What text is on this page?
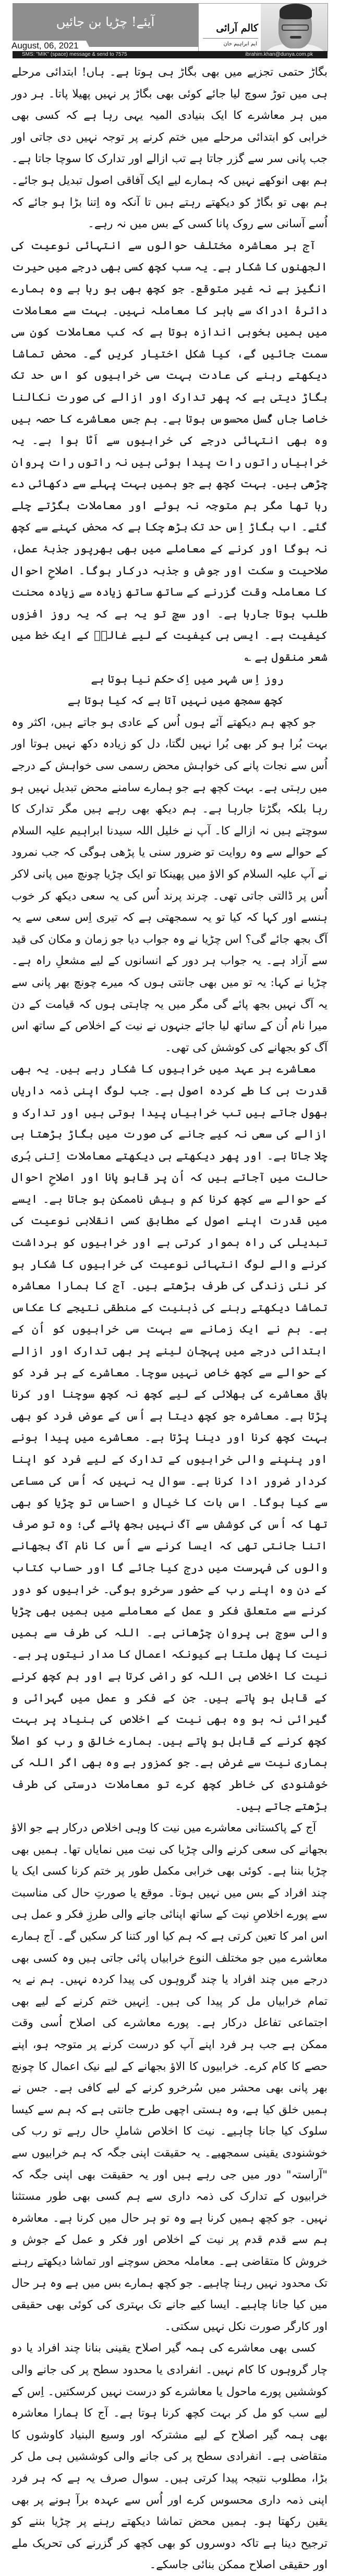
آیئے! چڑیا بن جائیں	کالم آرائی
ایم ابراہیم خان
August, 06, 2021
SMS: "MIK" (space) message & send to 7575	ibrahim.khan@dunya.com.pk

بگاڑ حتمی تجزیے میں بھی بگاڑ ہی ہوتا ہے۔ ہاں! ابتدائی مرحلے ہی میں توڑ سوچ لیا جائے کوئی بھی بگاڑ پر نہیں پھیلا پاتا۔ ہر دور میں ہر معاشرے کا ایک بنیادی المیہ یہی رہا ہے کہ کسی بھی خرابی کو ابتدائی مرحلے میں ختم کرنے پر توجہ نہیں دی جاتی اور جب پانی سر سے گزر جاتا ہے تب ازالے اور تدارک کا سوچا جاتا ہے۔ ہم بھی انوکھے نہیں کہ ہمارے لیے ایک آفاقی اصول تبدیل ہو جائے۔ ہم بھی تو بگاڑ کو دیکھتے رہتے ہیں تا آنکہ وہ اِتنا بڑا ہو جائے کہ اُسے آسانی سے روک پانا کسی کے بس میں نہ رہے۔

آج ہر معاشرہ مختلف حوالوں سے انتہائی نوعیت کی الجھنوں کا شکار ہے۔ یہ سب کچھ کسی بھی درجے میں حیرت انگیز ہے نہ غیر متوقع۔ جو کچھ بھی ہو رہا ہے وہ ہمارے دائرۂ ادراک سے باہر کا معاملہ نہیں۔ بہت سے معاملات میں ہمیں بخوبی اندازہ ہوتا ہے کہ کب معاملات کون سی سمت جائیں گے، کیا شکل اختیار کریں گے۔ محض تماشا دیکھتے رہنے کی عادت بہت سی خرابیوں کو اس حد تک بگاڑ دیتی ہے کہ پھر تدارک اور ازالے کی صورت نکالنا خاصا جاں گُسل محسوس ہوتا ہے۔ ہم جس معاشرے کا حصہ ہیں وہ بھی انتہائی درجے کی خرابیوں سے اَٹا ہوا ہے۔ یہ خرابیاں راتوں رات پیدا ہوئی ہیں نہ راتوں رات پروان چڑھی ہیں۔ بہت کچھ ہے جو ہمیں بہت پہلے سے دکھائی دے رہا تھا مگر ہم متوجہ نہ ہوئے اور معاملات بگڑتے چلے گئے۔ اب بگاڑ اِس حد تک بڑھ چکا ہے کہ محض کہنے سے کچھ نہ ہوگا اور کرنے کے معاملے میں بھی بھرپور جذبۂ عمل، صلاحیت و سکت اور جوش و جذبہ درکار ہوگا۔ اصلاحِ احوال کا معاملہ وقت گزرنے کے ساتھ ساتھ زیادہ سے زیادہ محنت طلب ہوتا جارہا ہے۔ اور سچ تو یہ ہے کہ یہ روز افزوں کیفیت ہے۔ ایسی ہی کیفیت کے لیے غالبؔ کے ایک خط میں شعر منقول ہے ؎

روز اِس شہر میں اِک حکم نیا ہوتا ہے

کچھ سمجھ میں نہیں آتا ہے کہ کیا ہوتا ہے

جو کچھ ہم دیکھتے آئے ہوں اُس کے عادی ہو جاتے ہیں، اکثر وہ بہت بُرا ہو کر بھی بُرا نہیں لگتا، دل کو زیادہ دکھ نہیں ہوتا اور اُس سے نجات پانے کی خواہش محض رسمی سی خواہش کے درجے میں رہتی ہے۔ بہت کچھ ہے جو ہمارے سامنے محض تبدیل نہیں ہو رہا بلکہ بگڑتا جارہا ہے۔ ہم دیکھ بھی رہے ہیں مگر تدارک کا سوچتے ہیں نہ ازالے کا۔ آپ نے خلیل اللہ سیدنا ابراہیم علیہ السلام کے حوالے سے وہ روایت تو ضرور سنی یا پڑھی ہوگی کہ جب نمرود نے آپ علیہ السلام کو الاؤ میں پھینکا تو ایک چڑیا چونچ میں پانی لاکر اُس پر ڈالتی جاتی تھی۔ چرند پرند اُس کی یہ سعی دیکھ کر خوب ہنسے اور کہا کہ کیا تو یہ سمجھتی ہے کہ تیری اِس سعی سے یہ آگ بجھ جائے گی؟ اس چڑیا نے وہ جواب دیا جو زمان و مکان کی قید سے آزاد ہے۔ یہ جواب ہر دور کے انسانوں کے لیے مشعلِ راہ ہے۔ چڑیا نے کہا: یہ تو میں بھی جانتی ہوں کہ میرے چونچ بھر پانی سے یہ آگ نہیں بجھ پائے گی مگر میں یہ چاہتی ہوں کہ قیامت کے دن میرا نام اُن کے ساتھ لیا جائے جنہوں نے نیت کے اخلاص کے ساتھ اس آگ کو بجھانے کی کوشش کی تھی۔

معاشرے ہر عہد میں خرابیوں کا شکار رہے ہیں۔ یہ بھی قدرت ہی کا طے کردہ اصول ہے۔ جب لوگ اپنی ذمہ داریاں بھول جاتے ہیں تب خرابیاں پیدا ہوتی ہیں اور تدارک و ازالے کی سعی نہ کیے جانے کی صورت میں بگاڑ بڑھتا ہی چلا جاتا ہے۔ اور پھر دیکھتے ہی دیکھتے معاملات اِتنی بُری حالت میں آجاتے ہیں کہ اُن پر قابو پانا اور اصلاحِ احوال کے حوالے سے کچھ کرنا کم و بیش ناممکن ہو جاتا ہے۔ ایسے میں قدرت اپنے اصول کے مطابق کسی انقلابی نوعیت کی تبدیلی کی راہ ہموار کرتی ہے اور خرابیوں کو برداشت کرنے والے لوگ انتہائی نوعیت کی خرابیوں کا شکار ہو کر نئی زندگی کی طرف بڑھتے ہیں۔ آج کا ہمارا معاشرہ تماشا دیکھتے رہنے کی ذہنیت کے منطقی نتیجے کا عکاس ہے۔ ہم نے ایک زمانے سے بہت سی خرابیوں کو اُن کے ابتدائی درجے میں پہچان لینے پر بھی تدارک اور ازالے کے حوالے سے کچھ خاص نہیں سوچا۔ معاشرے کے ہر فرد کو باقی معاشرے کی بھلائی کے لیے کچھ نہ کچھ سوچنا اور کرنا پڑتا ہے۔ معاشرہ جو کچھ دیتا ہے اُس کے عوض فرد کو بھی بہت کچھ کرنا اور دینا پڑتا ہے۔ معاشرے میں پیدا ہونے اور پنپنے والی خرابیوں کے تدارک کے لیے فرد کو اپنا کردار ضرور ادا کرنا ہے۔ سوال یہ نہیں کہ اُس کی مساعی سے کیا ہوگا۔ اس بات کا خیال و احساس تو چڑیا کو بھی تھا کہ اُس کی کوشش سے آگ نہیں بجھ پائے گی؛ وہ تو صرف اتنا جانتی تھی کہ ایسا کرنے سے اُس کا نام آگ بجھانے والوں کی فہرست میں درج کیا جائے گا اور حساب کتاب کے دن وہ اپنے رب کے حضور سرخرو ہوگی۔ خرابیوں کو دور کرنے سے متعلق فکر و عمل کے معاملے میں ہمیں بھی چڑیا والی سوچ ہی پروان چڑھانی ہے۔ اللہ کی طرف سے ہمیں نیت کا پھل ملتا ہے کیونکہ اعمال کا مدار نیتوں پر ہے۔ نیت کا اخلاص ہی اللہ کو راضی کرتا ہے اور ہم کچھ کرنے کے قابل ہو پاتے ہیں۔ جن کے فکر و عمل میں گہرائی و گیرائی نہ ہو وہ بھی نیت کے اخلاص کی بنیاد پر بہت کچھ کرنے کے قابل ہو پاتے ہیں۔ ہمارے خالق و رب کو اصلاً ہماری نیت سے غرض ہے۔ جو کمزور ہے وہ بھی اگر اللہ کی خوشنودی کی خاطر کچھ کرے تو معاملات درستی کی طرف بڑھتے جاتے ہیں۔

آج کے پاکستانی معاشرے میں نیت کا وہی اخلاص درکار ہے جو الاؤ بجھانے کی سعی کرنے والی چڑیا کی نیت میں نمایاں تھا۔ ہمیں بھی چڑیا بننا ہے۔ کوئی بھی خرابی مکمل طور پر ختم کرنا کسی ایک یا چند افراد کے بس میں نہیں ہوتا۔ موقع یا صورتِ حال کی مناسبت سے پورے اخلاصِ نیت کے ساتھ اپنائی جانے والی طرزِ فکر و عمل ہی اس امر کا تعین کرتی ہے کہ ہم کیا اور کتنا کر سکیں گے۔ آج ہمارے معاشرے میں جو مختلف النوع خرابیاں پائی جاتی ہیں وہ کسی بھی درجے میں چند افراد یا چند گروہوں کی پیدا کردہ نہیں۔ ہم نے یہ تمام خرابیاں مل کر پیدا کی ہیں۔ اِنہیں ختم کرنے کے لیے بھی اجتماعی تفاعل درکار ہے۔ پورے معاشرے کی اصلاح اُسی وقت ممکن ہے جب ہر فرد اپنے آپ کو درست کرنے پر متوجہ ہو، اپنے حصے کا کام کرے۔ خرابیوں کا الاؤ بجھانے کے لیے نیک اعمال کا چونچ بھر پانی بھی محشر میں سُرخرو کرنے کے لیے کافی ہے۔ جس نے ہمیں خلق کیا ہے، وہ ہستی اچھی طرح جانتی ہے کہ ہم سے کیسا سلوک کیا جانا چاہیے۔ نیت کا اخلاص شاملِ حال رہے تو رب کی خوشنودی یقینی سمجھیے۔ یہ حقیقت اپنی جگہ کہ ہم خرابیوں سے "آراستہ" دور میں جی رہے ہیں اور یہ حقیقت بھی اپنی جگہ کہ خرابیوں کے تدارک کی ذمہ داری سے ہم کسی بھی طور مستثنا نہیں۔ جو کچھ ہمیں کرنا ہے وہ تو ہر حال میں کرنا ہے۔ معاشرہ ہم سے قدم قدم پر نیت کے اخلاص اور فکر و عمل کے جوش و خروش کا متقاضی ہے۔ معاملہ محض سوچنے اور تماشا دیکھتے رہنے تک محدود نہیں رہنا چاہیے۔ جو کچھ ہمارے بس میں ہے وہ ہر حال میں کیا جانا چاہیے۔ ایسا کیے جانے تک بہتری کی کوئی بھی حقیقی اور کارگر صورت نکل نہیں سکتی۔

کسی بھی معاشرے کی ہمہ گیر اصلاح یقینی بنانا چند افراد یا دو چار گروہوں کا کام نہیں۔ انفرادی یا محدود سطح پر کی جانے والی کوششیں پورے ماحول یا معاشرے کو درست نہیں کرسکتیں۔ اِس کے لیے سب کو مل کر بہت کچھ کرنا ہوتا ہے۔ آج کا ہمارا معاشرہ بھی ہمہ گیر اصلاح کے لیے مشترکہ اور وسیع البنیاد کاوشوں کا متقاضی ہے۔ انفرادی سطح پر کی جانے والی کوششیں ہی مل کر بڑا، مطلوب نتیجہ پیدا کرتی ہیں۔ سوال صرف یہ ہے کہ ہر فرد اپنی ذمہ داری محسوس کرے اور اُس سے عہدہ برآ ہونے پر بھی یقین رکھتا ہو۔ ہمیں محض تماشا دیکھتے رہنے پر چڑیا بننے کو ترجیح دینا ہے تاکہ دوسروں کو بھی کچھ کر گزرنے کی تحریک ملے اور حقیقی اصلاح ممکن بنائی جاسکے۔
